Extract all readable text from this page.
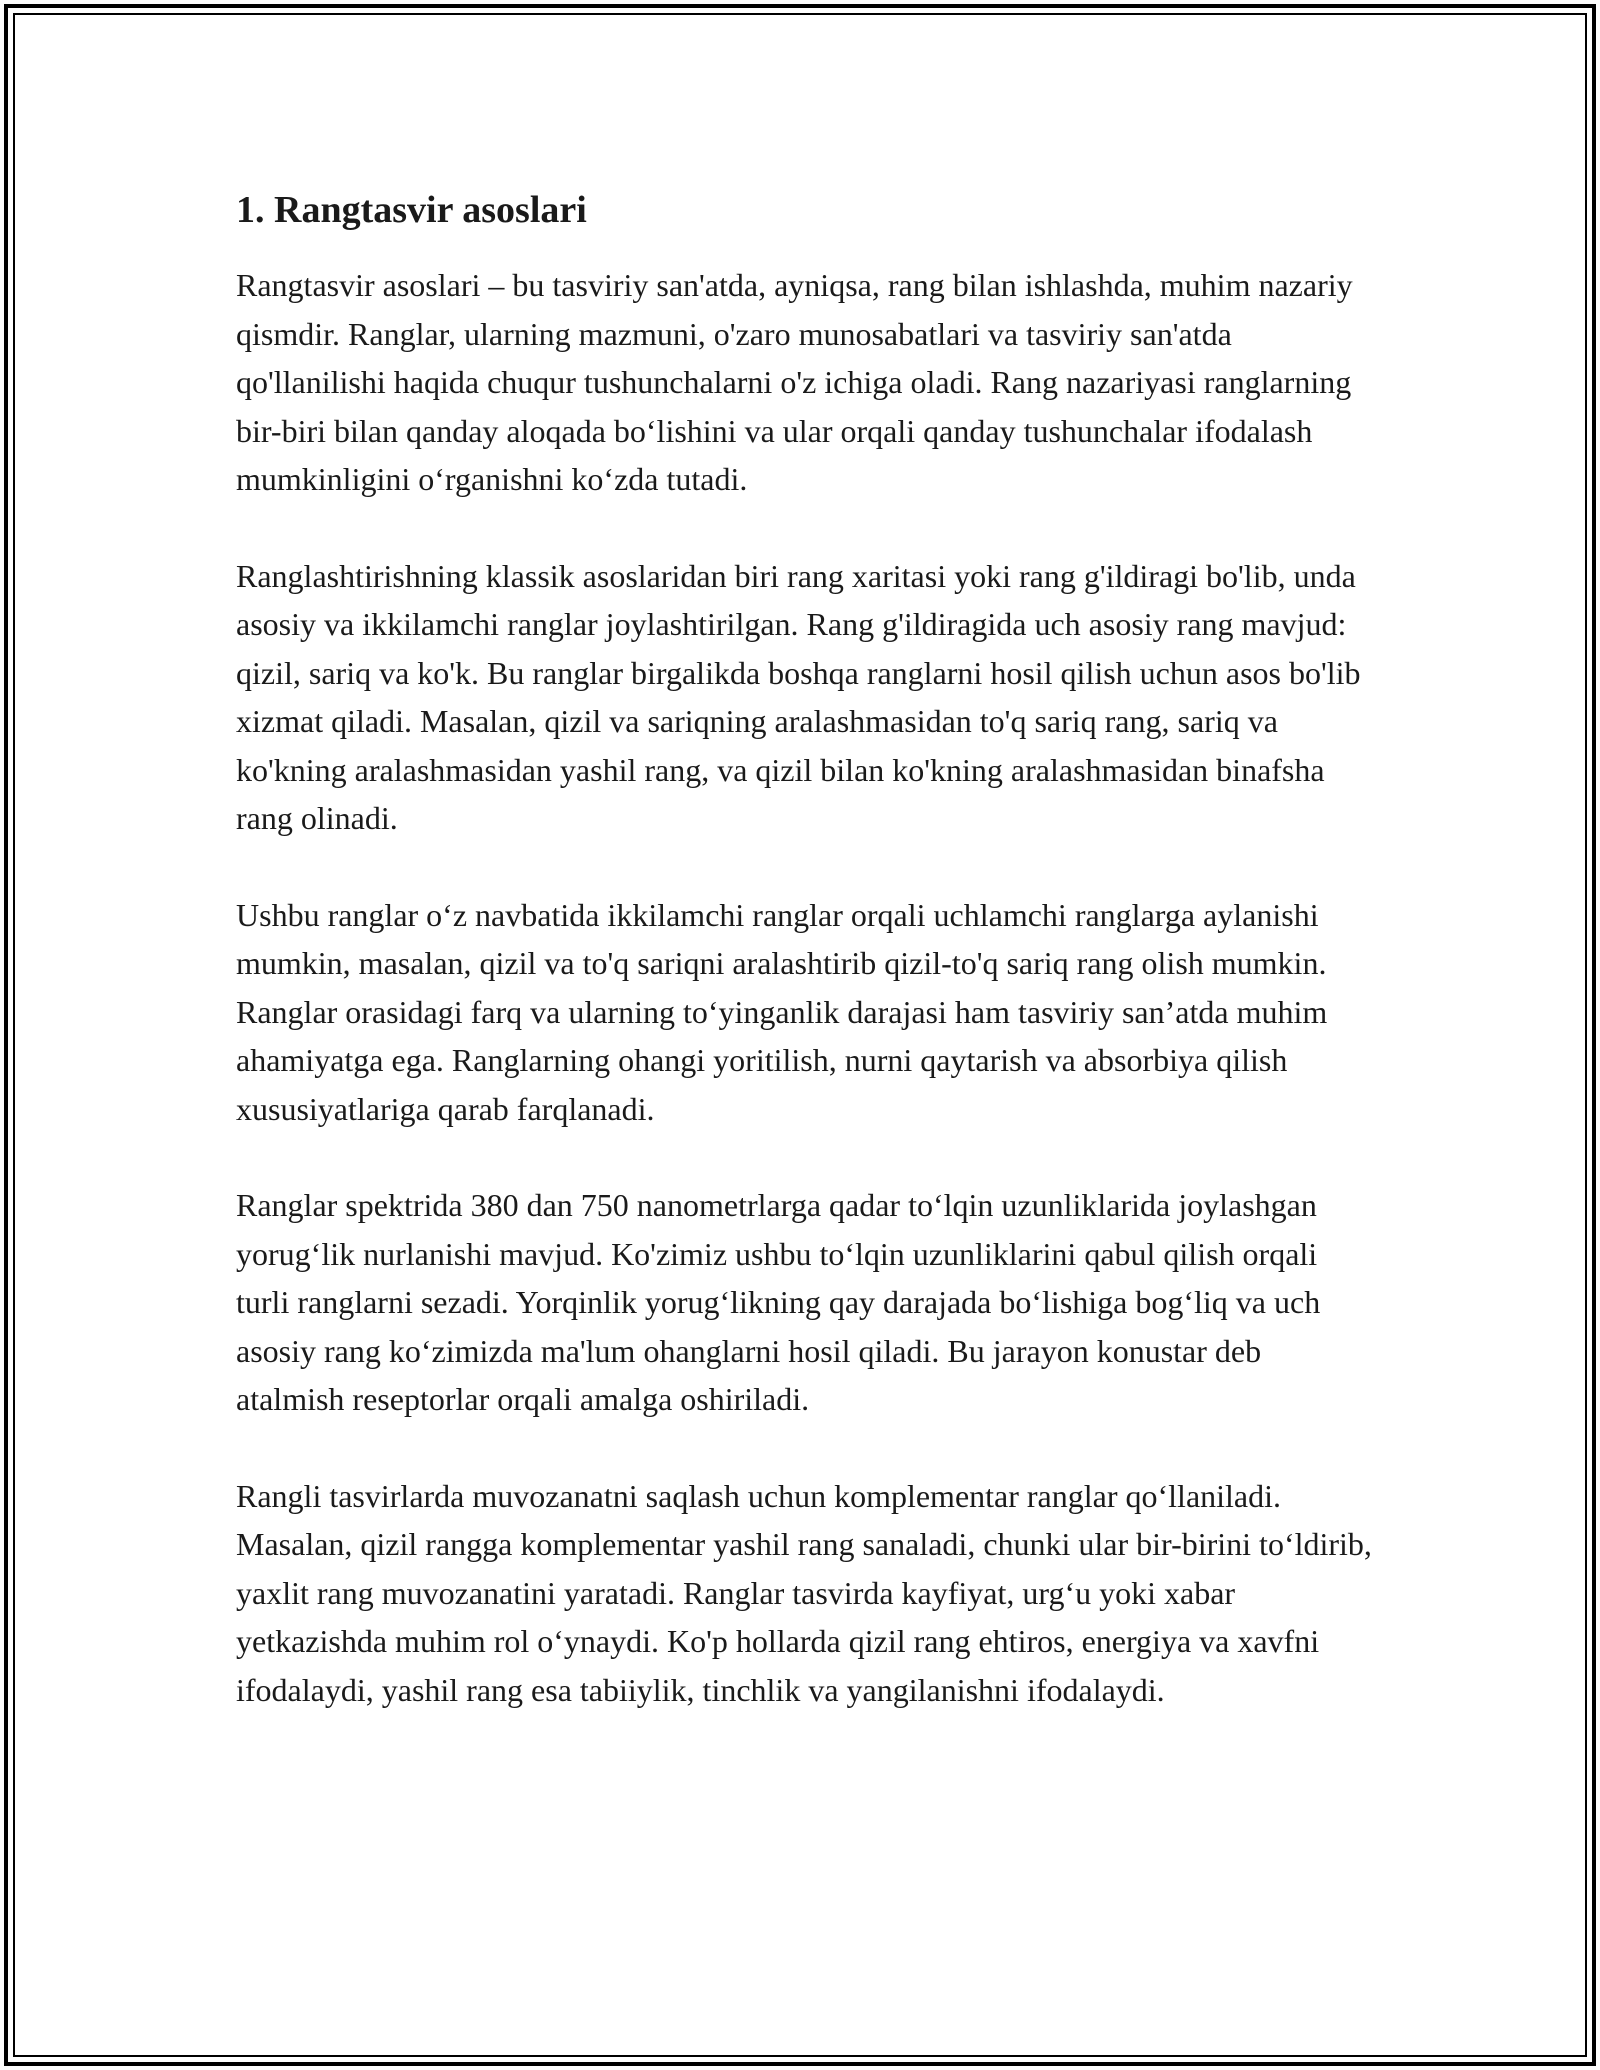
1. Rangtasvir asoslari

Rangtasvir asoslari – bu tasviriy san'atda, ayniqsa, rang bilan ishlashda, muhim nazariy qismdir. Ranglar, ularning mazmuni, o'zaro munosabatlari va tasviriy san'atda qo'llanilishi haqida chuqur tushunchalarni o'z ichiga oladi. Rang nazariyasi ranglarning bir-biri bilan qanday aloqada bo‘lishini va ular orqali qanday tushunchalar ifodalash mumkinligini o‘rganishni ko‘zda tutadi.

Ranglashtirishning klassik asoslaridan biri rang xaritasi yoki rang g'ildiragi bo'lib, unda asosiy va ikkilamchi ranglar joylashtirilgan. Rang g'ildiragida uch asosiy rang mavjud: qizil, sariq va ko'k. Bu ranglar birgalikda boshqa ranglarni hosil qilish uchun asos bo'lib xizmat qiladi. Masalan, qizil va sariqning aralashmasidan to'q sariq rang, sariq va ko'kning aralashmasidan yashil rang, va qizil bilan ko'kning aralashmasidan binafsha rang olinadi.

Ushbu ranglar o‘z navbatida ikkilamchi ranglar orqali uchlamchi ranglarga aylanishi mumkin, masalan, qizil va to'q sariqni aralashtirib qizil-to'q sariq rang olish mumkin. Ranglar orasidagi farq va ularning to‘yinganlik darajasi ham tasviriy san’atda muhim ahamiyatga ega. Ranglarning ohangi yoritilish, nurni qaytarish va absorbiya qilish xususiyatlariga qarab farqlanadi.

Ranglar spektrida 380 dan 750 nanometrlarga qadar to‘lqin uzunliklarida joylashgan yorug‘lik nurlanishi mavjud. Ko'zimiz ushbu to‘lqin uzunliklarini qabul qilish orqali turli ranglarni sezadi. Yorqinlik yorug‘likning qay darajada bo‘lishiga bog‘liq va uch asosiy rang ko‘zimizda ma'lum ohanglarni hosil qiladi. Bu jarayon konustar deb atalmish reseptorlar orqali amalga oshiriladi.

Rangli tasvirlarda muvozanatni saqlash uchun komplementar ranglar qo‘llaniladi. Masalan, qizil rangga komplementar yashil rang sanaladi, chunki ular bir-birini to‘ldirib, yaxlit rang muvozanatini yaratadi. Ranglar tasvirda kayfiyat, urg‘u yoki xabar yetkazishda muhim rol o‘ynaydi. Ko'p hollarda qizil rang ehtiros, energiya va xavfni ifodalaydi, yashil rang esa tabiiylik, tinchlik va yangilanishni ifodalaydi.
